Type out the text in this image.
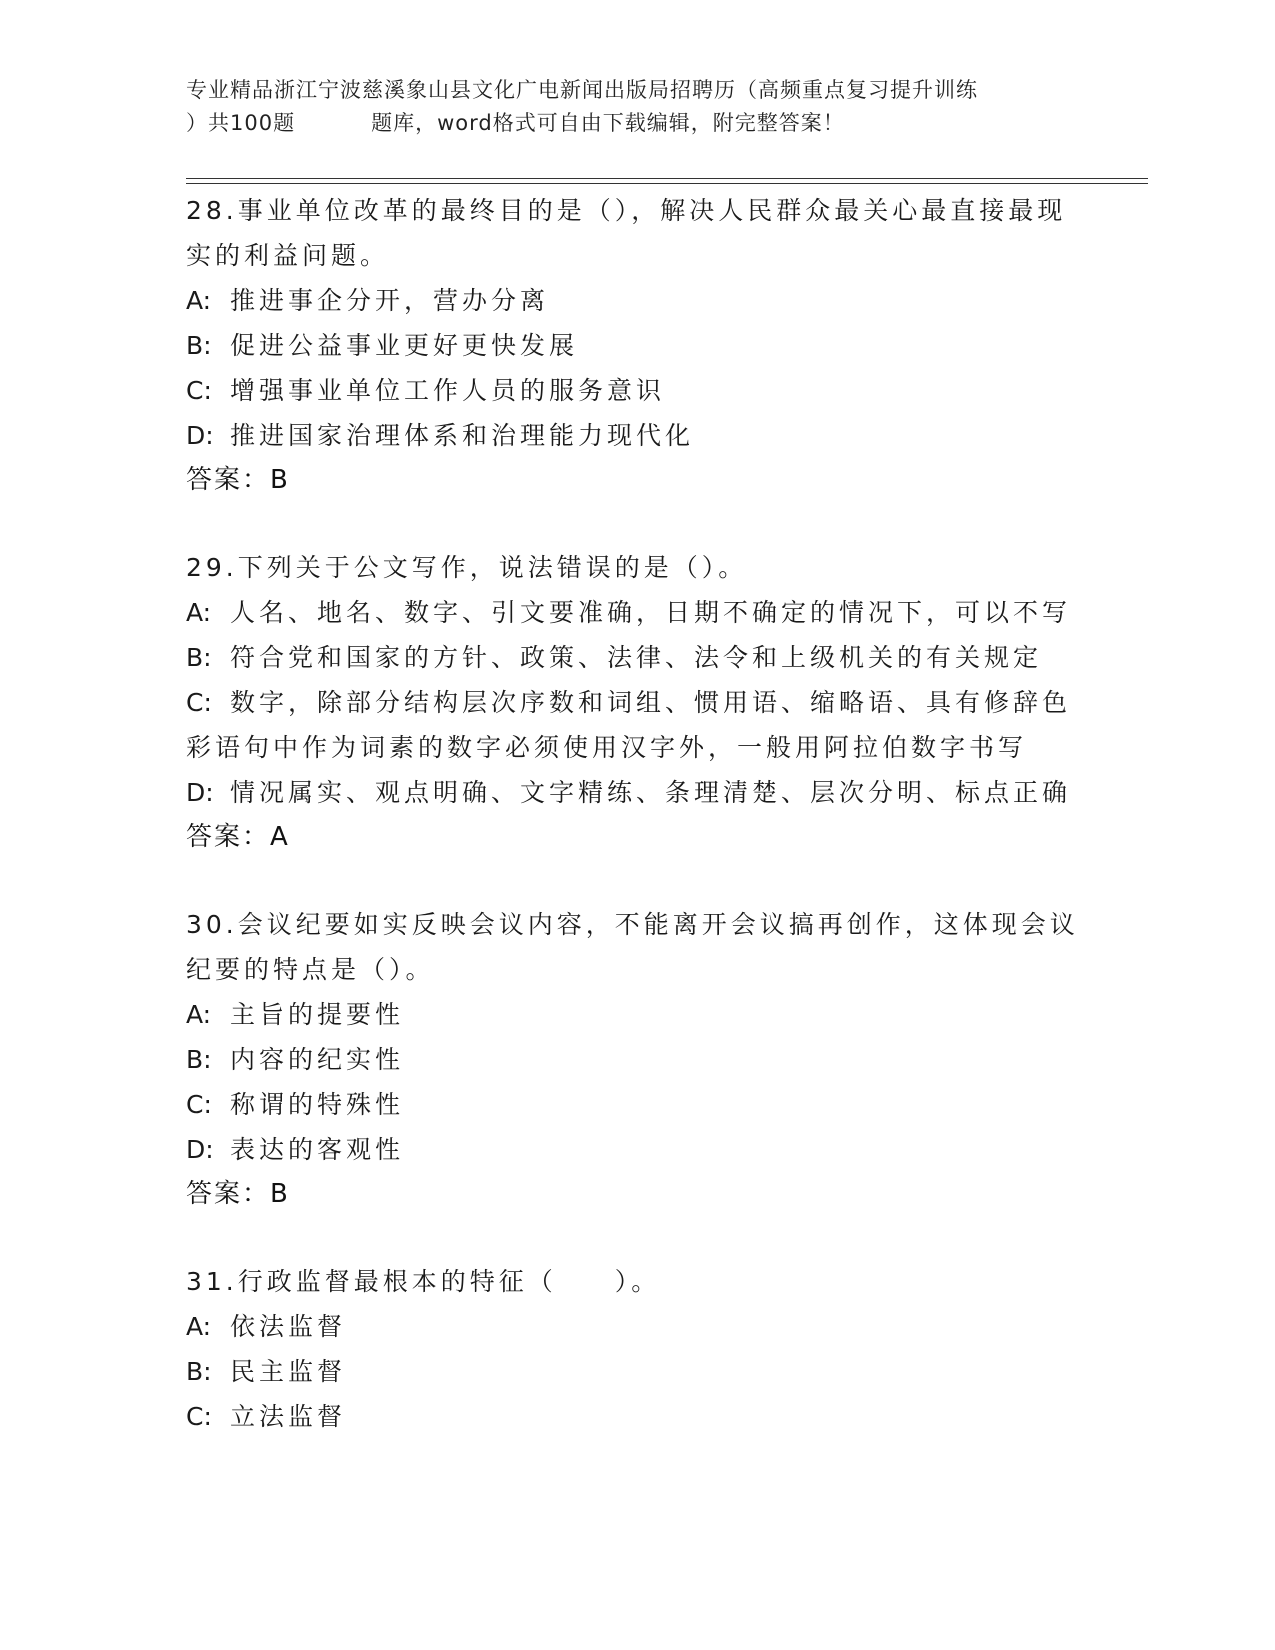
专业精品浙江宁波慈溪象山县文化广电新闻出版局招聘历（高频重点复习提升训练
）共100题	题库，word格式可自由下载编辑，附完整答案！
28.事业单位改革的最终目的是（），解决人民群众最关心最直接最现实的利益问题。
A: 推进事企分开，营办分离
B: 促进公益事业更好更快发展
C: 增强事业单位工作人员的服务意识
D: 推进国家治理体系和治理能力现代化
答案：B
29.下列关于公文写作，说法错误的是（）。
A: 人名、地名、数字、引文要准确，日期不确定的情况下，可以不写
B: 符合党和国家的方针、政策、法律、法令和上级机关的有关规定
C: 数字，除部分结构层次序数和词组、惯用语、缩略语、具有修辞色彩语句中作为词素的数字必须使用汉字外，一般用阿拉伯数字书写
D: 情况属实、观点明确、文字精练、条理清楚、层次分明、标点正确
答案：A
30.会议纪要如实反映会议内容，不能离开会议搞再创作，这体现会议纪要的特点是（）。
A: 主旨的提要性
B: 内容的纪实性
C: 称谓的特殊性
D: 表达的客观性
答案：B
31.行政监督最根本的特征（　　）。
A: 依法监督
B: 民主监督
C: 立法监督
